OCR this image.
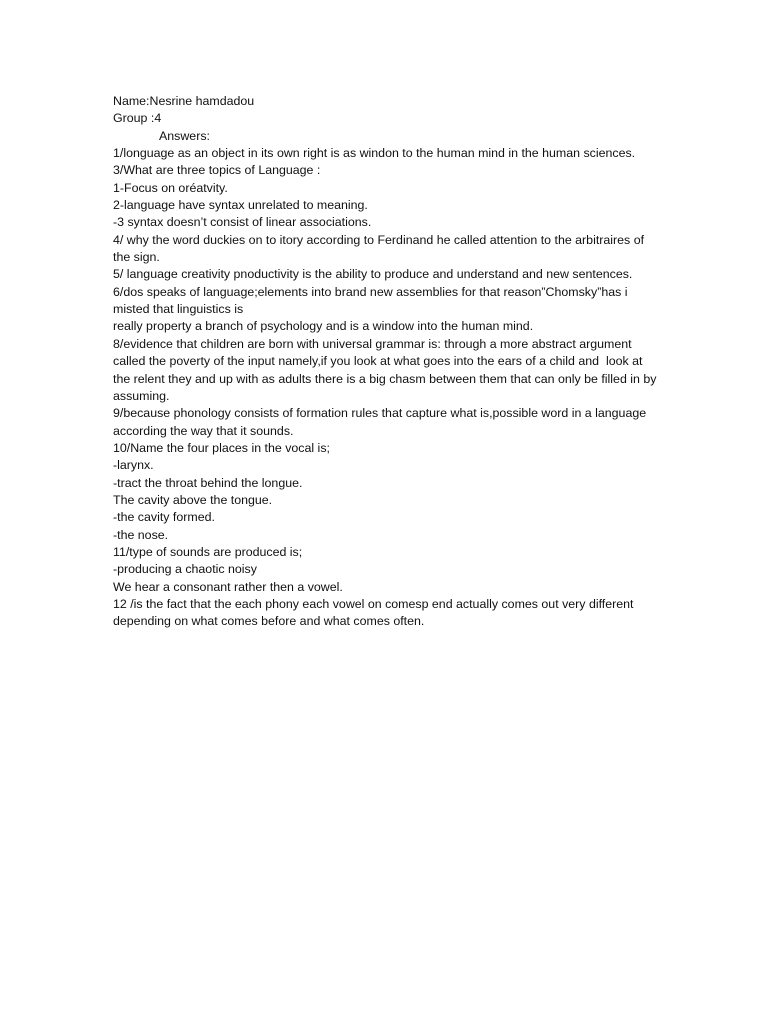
Name:Nesrine hamdadou
Group :4
Answers:
1/longuage as an object in its own right is as windon to the human mind in the human sciences.
3/What are three topics of Language :
1-Focus on oréatvity.
2-language have syntax unrelated to meaning.
-3 syntax doesn’t consist of linear associations.
4/ why the word duckies on to itory according to Ferdinand he called attention to the arbitraires of the sign.
5/ language creativity pnoductivity is the ability to produce and understand and new sentences.
6/dos speaks of language;elements into brand new assemblies for that reason”Chomsky”has i misted that linguistics is
really property a branch of psychology and is a window into the human mind.
8/evidence that children are born with universal grammar is: through a more abstract argument called the poverty of the input namely,if you look at what goes into the ears of a child and  look at the relent they and up with as adults there is a big chasm between them that can only be filled in by assuming.
9/because phonology consists of formation rules that capture what is,possible word in a language according the way that it sounds.
10/Name the four places in the vocal is;
-larynx.
-tract the throat behind the longue.
The cavity above the tongue.
-the cavity formed.
-the nose.
11/type of sounds are produced is;
-producing a chaotic noisy
We hear a consonant rather then a vowel.
12 /is the fact that the each phony each vowel on comesp end actually comes out very different depending on what comes before and what comes often.
